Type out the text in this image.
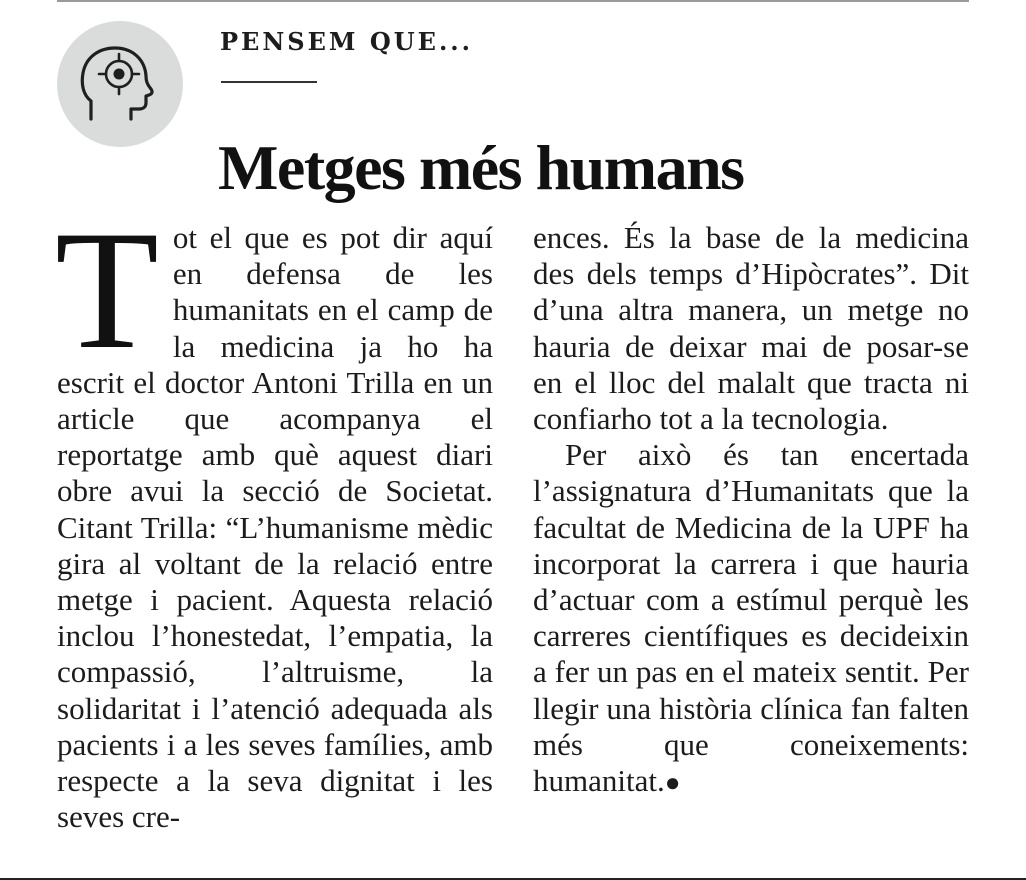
PENSEM QUE...
Metges més humans

Tot el que es pot dir aquí en defensa de les humanitats en el camp de la medicina ja ho ha escrit el doctor Antoni Trilla en un article que acompanya el reportatge amb què aquest diari obre avui la secció de Societat. Citant Trilla: “L’humanisme mèdic gira al voltant de la relació entre metge i pacient. Aquesta relació inclou l’honestedat, l’empatia, la compassió, l’altruisme, la solidaritat i l’atenció adequada als pacients i a les seves famílies, amb respecte a la seva dignitat i les seves cre-

ences. És la base de la medicina des dels temps d’Hipòcrates”. Dit d’una altra manera, un metge no hauria de deixar mai de posar-se en el lloc del malalt que tracta ni confiarho tot a la tecnologia.

Per això és tan encertada l’assignatura d’Humanitats que la facultat de Medicina de la UPF ha incorporat la carrera i que hauria d’actuar com a estímul perquè les carreres científiques es decideixin a fer un pas en el mateix sentit. Per llegir una història clínica fan falten més que coneixements: humanitat.●
